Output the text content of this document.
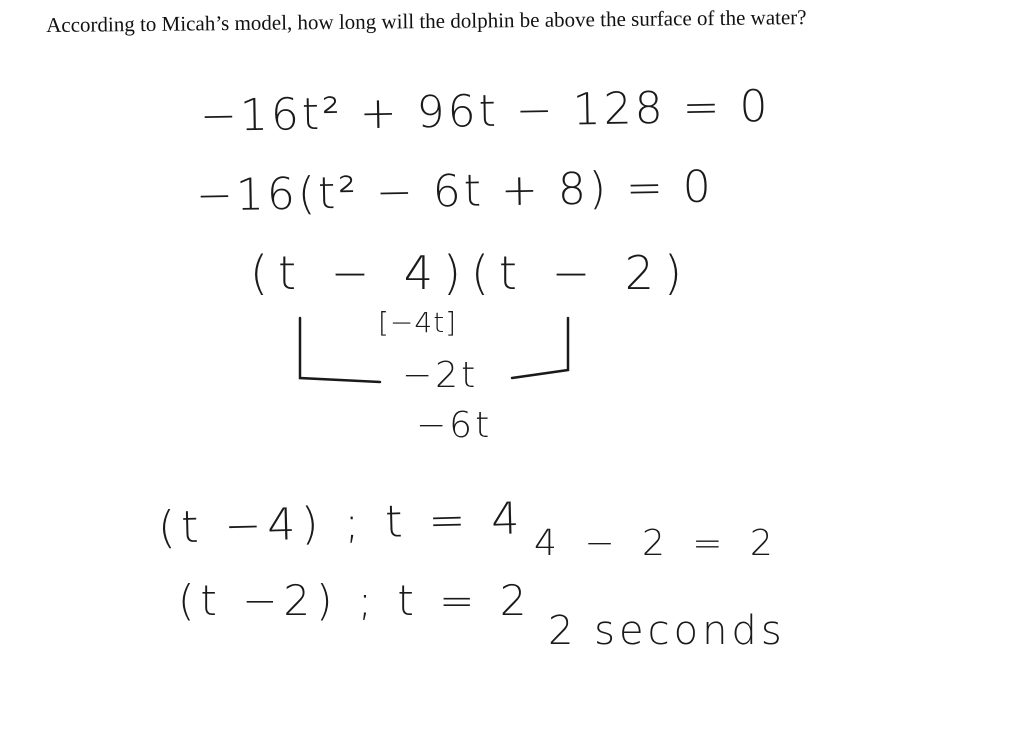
According to Micah’s model, how long will the dolphin be above the surface of the water?
−16t² + 96t − 128 = 0
−16(t² − 6t + 8) = 0
(t − 4)(t − 2)
[−4t]
−2t
−6t
(t −4) ; t = 4
(t −2) ; t = 2
4 − 2 = 2
2 seconds
